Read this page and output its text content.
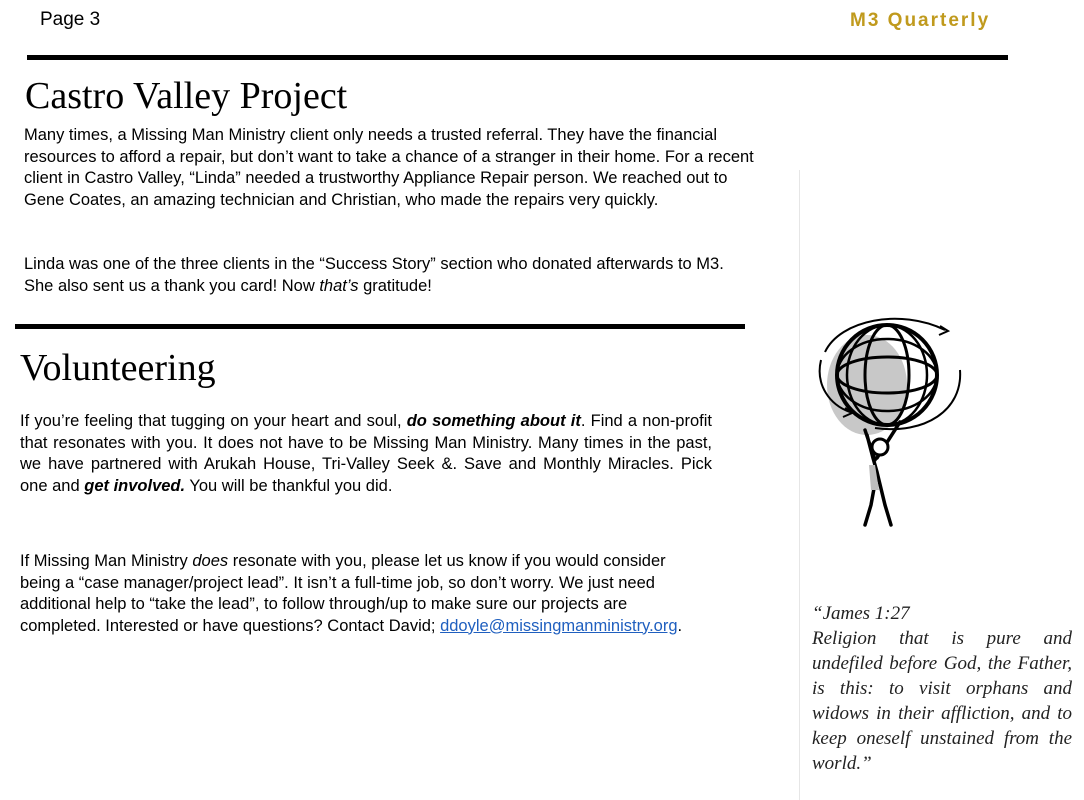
Page 3	M3 Quarterly
Castro Valley Project

Many times, a Missing Man Ministry client only needs a trusted referral. They have the financial resources to afford a repair, but don’t want to take a chance of a stranger in their home. For a recent client in Castro Valley, “Linda” needed a trustworthy Appliance Repair person. We reached out to Gene Coates, an amazing technician and Christian, who made the repairs very quickly.

Linda was one of the three clients in the “Success Story” section who donated afterwards to M3. She also sent us a thank you card! Now that’s gratitude!

Volunteering

If you’re feeling that tugging on your heart and soul, do something about it. Find a non-profit that resonates with you. It does not have to be Missing Man Ministry. Many times in the past, we have partnered with Arukah House, Tri-Valley Seek &. Save and Monthly Miracles. Pick one and get involved. You will be thankful you did.

If Missing Man Ministry does resonate with you, please let us know if you would consider being a “case manager/project lead”. It isn’t a full-time job, so don’t worry. We just need additional help to “take the lead”, to follow through/up to make sure our projects are completed. Interested or have questions? Contact David; ddoyle@missingmanministry.org.

“James 1:27
Religion that is pure and undefiled before God, the Father, is this: to visit orphans and widows in their affliction, and to keep oneself unstained from the world.”
